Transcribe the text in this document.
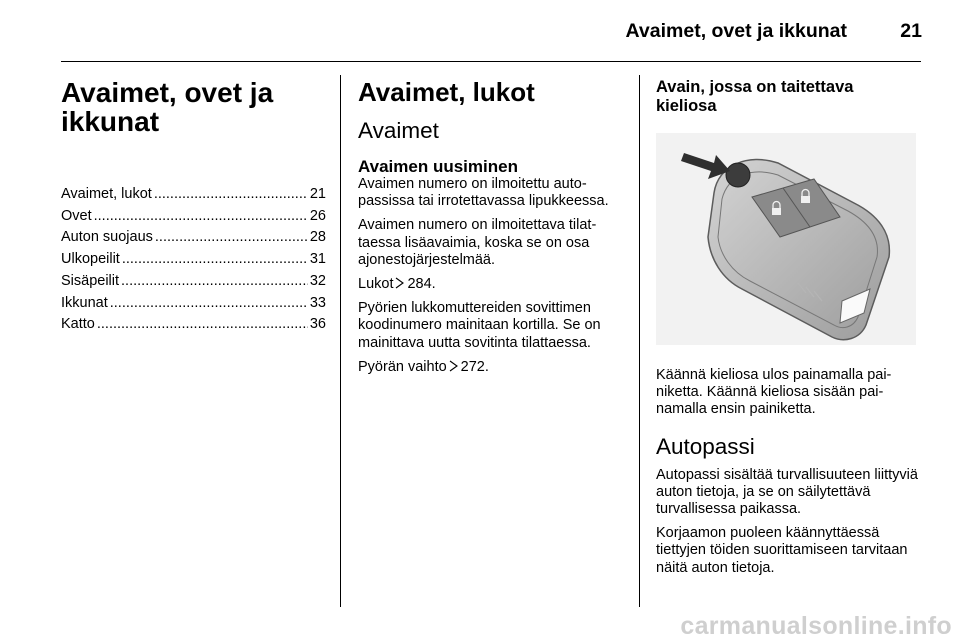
Avaimet, ovet ja ikkunat	21
Avaimet, ovet ja
ikkunat
Avaimet, lukot .....	21
Ovet .....	26
Auton suojaus .....	28
Ulkopeilit .....	31
Sisäpeilit .....	32
Ikkunat .....	33
Katto .....	36
Avaimet, lukot
Avaimet
Avaimen uusiminen

Avaimen numero on ilmoitettu autopassissa tai irrotettavassa lipukkeessa.

Avaimen numero on ilmoitettava tilattaessa lisäavaimia, koska se on osa ajonestojärjestelmää.

Lukot 284.

Pyörien lukkomuttereiden sovittimen koodinumero mainitaan kortilla. Se on mainittava uutta sovitinta tilattaessa.

Pyörän vaihto 272.

Avain, jossa on taitettava
kieliosa

Käännä kieliosa ulos painamalla painiketta. Käännä kieliosa sisään painamalla ensin painiketta.

Autopassi

Autopassi sisältää turvallisuuteen liittyviä auton tietoja, ja se on säilytettävä turvallisessa paikassa.

Korjaamon puoleen käännyttäessä tiettyjen töiden suorittamiseen tarvitaan näitä auton tietoja.

carmanualsonline.info
